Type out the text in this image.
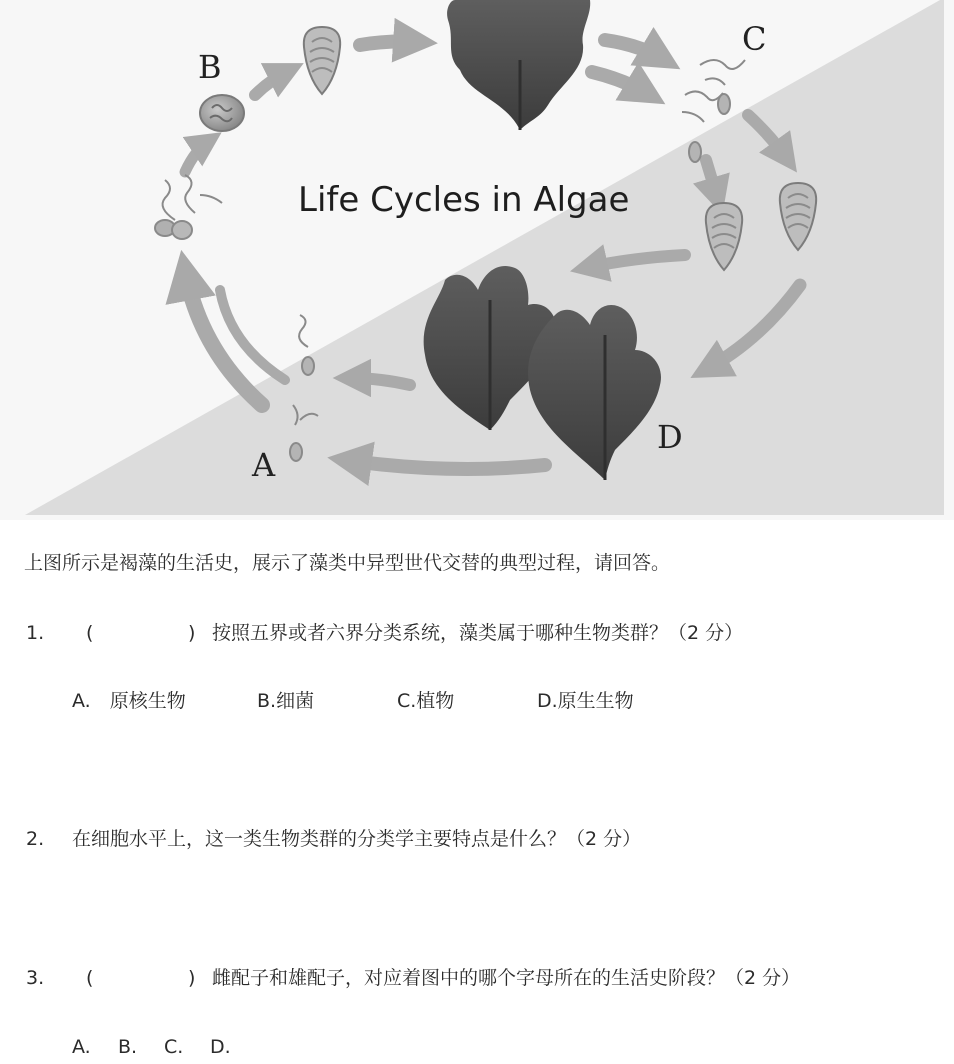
B
C
D
A
Life Cycles in Algae
上图所示是褐藻的生活史，展示了藻类中异型世代交替的典型过程，请回答。
1. (	) 按照五界或者六界分类系统，藻类属于哪种生物类群？（2 分）
A.　原核生物	B.细菌	C.植物	D.原生生物
2. 在细胞水平上，这一类生物类群的分类学主要特点是什么？（2 分）
3. (	) 雌配子和雄配子，对应着图中的哪个字母所在的生活史阶段？（2 分）
A. B. C. D.
